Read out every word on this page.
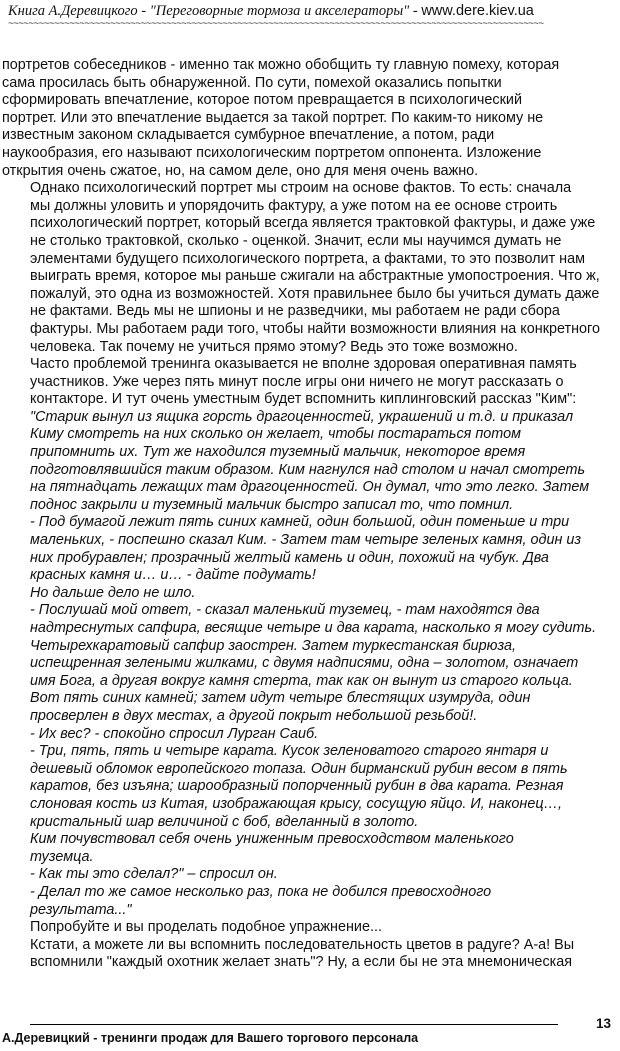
Книга А.Деревицкого - "Переговорные тормоза и акселераторы" - www.dere.kiev.ua
~~~~~~~~~~~~~~~~~~~~~~~~~~~~~~~~~~~~~~~~~~~~~~~~~~~~~~~~~~~~~~~~~~~~~~~~~~~~~~~~~~~~~~~~~~~~~~~~~~~~~~~~~
портретов собеседников - именно так можно обобщить ту главную помеху, которая
сама просилась быть обнаруженной. По сути, помехой оказались попытки
сформировать впечатление, которое потом превращается в психологический
портрет. Или это впечатление выдается за такой портрет. По каким-то никому не
известным законом складывается сумбурное впечатление, а потом, ради
наукообразия, его называют психологическим портретом оппонента. Изложение
открытия очень сжатое, но, на самом деле, оно для меня очень важно.
Однако психологический портрет мы строим на основе фактов. То есть: сначала
мы должны уловить и упорядочить фактуру, а уже потом на ее основе строить
психологический портрет, который всегда является трактовкой фактуры, и даже уже
не столько трактовкой, сколько - оценкой. Значит, если мы научимся думать не
элементами будущего психологического портрета, а фактами, то это позволит нам
выиграть время, которое мы раньше сжигали на абстрактные умопостроения. Что ж,
пожалуй, это одна из возможностей. Хотя правильнее было бы учиться думать даже
не фактами. Ведь мы не шпионы и не разведчики, мы работаем не ради сбора
фактуры. Мы работаем ради того, чтобы найти возможности влияния на конкретного
человека. Так почему не учиться прямо этому? Ведь это тоже возможно.
Часто проблемой тренинга оказывается не вполне здоровая оперативная память
участников. Уже через пять минут после игры они ничего не могут рассказать о
контакторе. И тут очень уместным будет вспомнить киплинговский рассказ "Ким":
"Старик вынул из ящика горсть драгоценностей, украшений и т.д. и приказал
Киму смотреть на них сколько он желает, чтобы постараться потом
припомнить их. Тут же находился туземный мальчик, некоторое время
подготовлявшийся таким образом. Ким нагнулся над столом и начал смотреть
на пятнадцать лежащих там драгоценностей. Он думал, что это легко. Затем
поднос закрыли и туземный мальчик быстро записал то, что помнил.
- Под бумагой лежит пять синих камней, один большой, один поменьше и три
маленьких, - поспешно сказал Ким. - Затем там четыре зеленых камня, один из
них пробуравлен; прозрачный желтый камень и один, похожий на чубук. Два
красных камня и… и… - дайте подумать!
Но дальше дело не шло.
- Послушай мой ответ, - сказал маленький туземец, - там находятся два
надтреснутых сапфира, весящие четыре и два карата, насколько я могу судить.
Четырехкаратовый сапфир заострен. Затем туркестанская бирюза,
испещренная зелеными жилками, с двумя надписями, одна – золотом, означает
имя Бога, а другая вокруг камня стерта, так как он вынут из старого кольца.
Вот пять синих камней; затем идут четыре блестящих изумруда, один
просверлен в двух местах, а другой покрыт небольшой резьбой!.
- Их вес? - спокойно спросил Лурган Саиб.
- Три, пять, пять и четыре карата. Кусок зеленоватого старого янтаря и
дешевый обломок европейского топаза. Один бирманский рубин весом в пять
каратов, без изъяна; шарообразный попорченный рубин в два карата. Резная
слоновая кость из Китая, изображающая крысу, сосущую яйцо. И, наконец…,
кристальный шар величиной с боб, вделанный в золото.
Ким почувствовал себя очень униженным превосходством маленького
туземца.
- Как ты это сделал?" – спросил он.
- Делал то же самое несколько раз, пока не добился превосходного
результата..."
Попробуйте и вы проделать подобное упражнение...
Кстати, а можете ли вы вспомнить последовательность цветов в радуге? А-а! Вы
вспомнили "каждый охотник желает знать"? Ну, а если бы не эта мнемоническая
А.Деревицкий - тренинги продаж для Вашего торгового персонала
13
